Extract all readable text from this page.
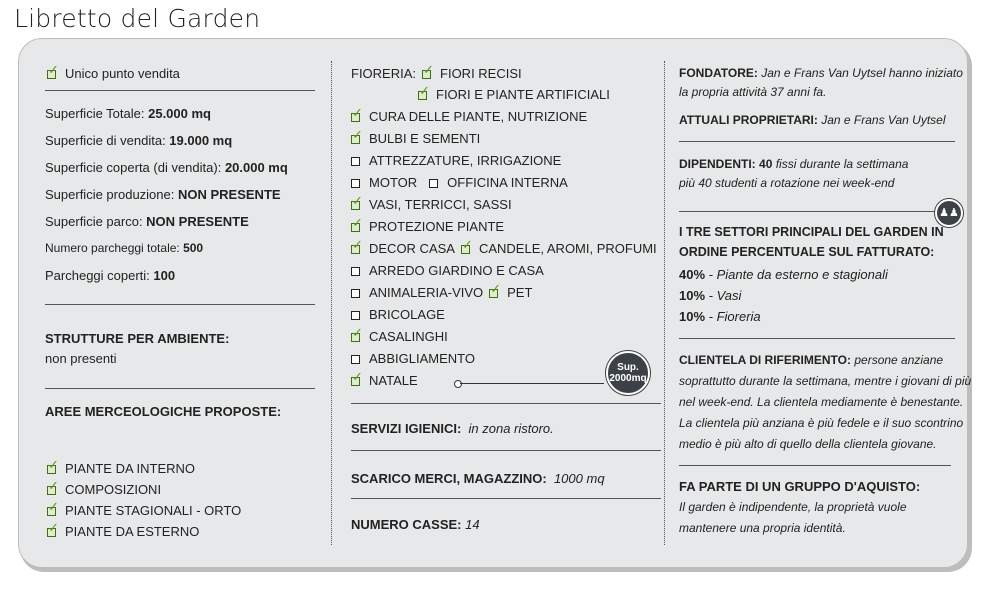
Libretto del Garden
✓Unico punto vendita
Superficie Totale: 25.000 mq
Superficie di vendita: 19.000 mq
Superficie coperta (di vendita): 20.000 mq
Superficie produzione: NON PRESENTE
Superficie parco: NON PRESENTE
Numero parcheggi totale: 500
Parcheggi coperti: 100
STRUTTURE PER AMBIENTE:
non presenti
AREE MERCEOLOGICHE PROPOSTE:
✓PIANTE DA INTERNO
✓COMPOSIZIONI
✓PIANTE STAGIONALI - ORTO
✓PIANTE DA ESTERNO
FIORERIA: ✓ FIORI RECISI
✓FIORI E PIANTE ARTIFICIALI
✓CURA DELLE PIANTE, NUTRIZIONE
✓BULBI E SEMENTI
ATTREZZATURE, IRRIGAZIONE
MOTOR OFFICINA INTERNA
✓VASI, TERRICCI, SASSI
✓PROTEZIONE PIANTE
✓DECOR CASA ✓ CANDELE, AROMI, PROFUMI
ARREDO GIARDINO E CASA
ANIMALERIA-VIVO ✓ PET
BRICOLAGE
✓CASALINGHI
ABBIGLIAMENTO
✓NATALE
Sup.
2000mq
SERVIZI IGIENICI: in zona ristoro.
SCARICO MERCI, MAGAZZINO: 1000 mq
NUMERO CASSE: 14
FONDATORE: Jan e Frans Van Uytsel hanno iniziato
la propria attività 37 anni fa.
ATTUALI PROPRIETARI: Jan e Frans Van Uytsel
DIPENDENTI: 40 fissi durante la settimana
più 40 studenti a rotazione nei week-end
♟♟
I TRE SETTORI PRINCIPALI DEL GARDEN IN
ORDINE PERCENTUALE SUL FATTURATO:
40% - Piante da esterno e stagionali
10% - Vasi
10% - Fioreria
CLIENTELA DI RIFERIMENTO: persone anziane
soprattutto durante la settimana, mentre i giovani di più
nel week-end. La clientela mediamente è benestante.
La clientela più anziana è più fedele e il suo scontrino
medio è più alto di quello della clientela giovane.
FA PARTE DI UN GRUPPO D'AQUISTO:
Il garden è indipendente, la proprietà vuole
mantenere una propria identità.
